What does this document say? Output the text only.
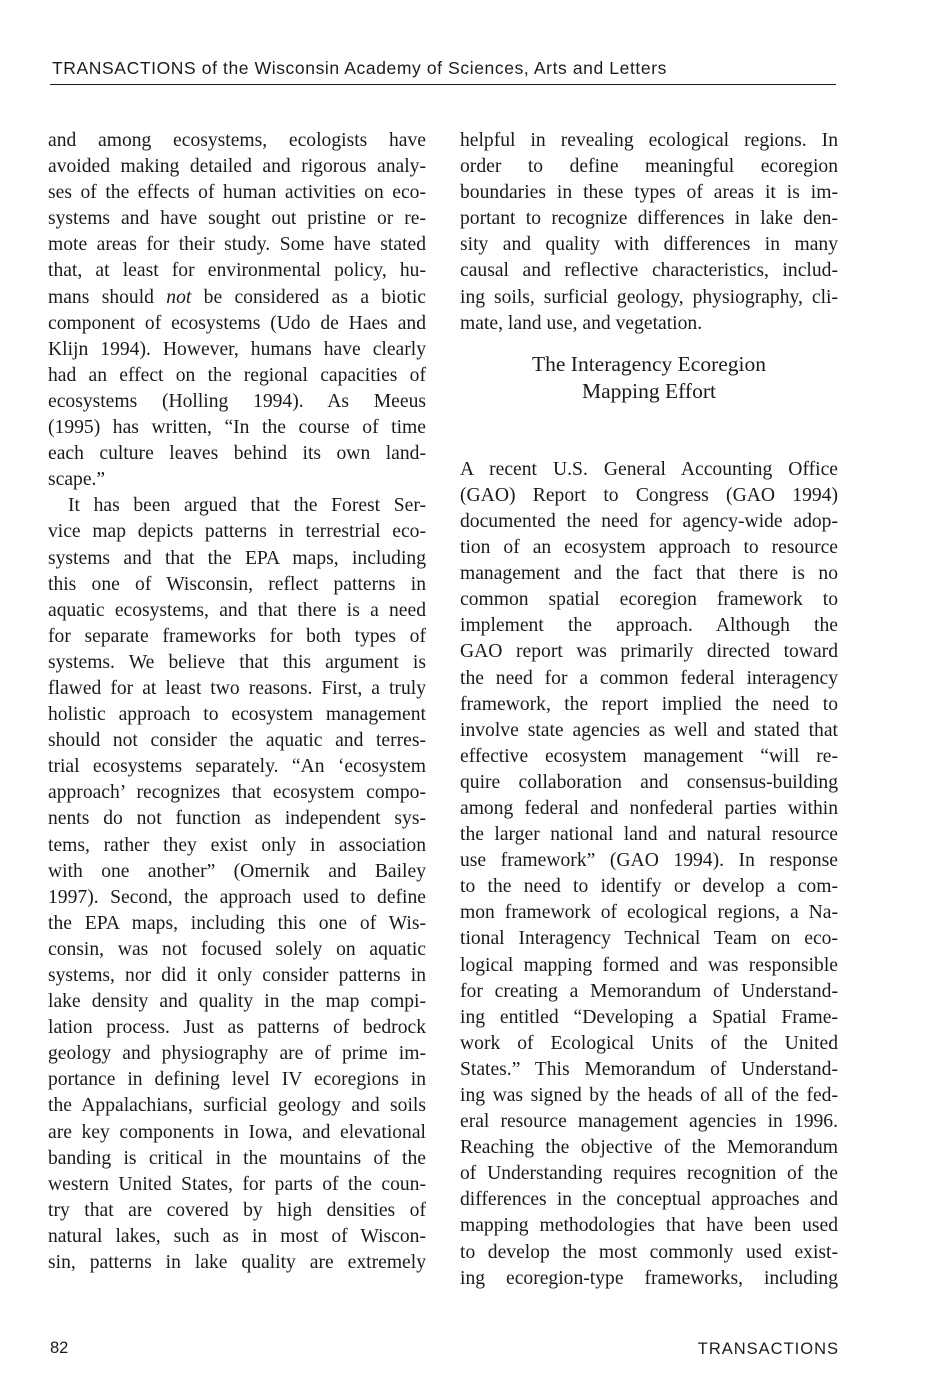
TRANSACTIONS of the Wisconsin Academy of Sciences, Arts and Letters
and among ecosystems, ecologists have
avoided making detailed and rigorous analy-
ses of the effects of human activities on eco-
systems and have sought out pristine or re-
mote areas for their study. Some have stated
that, at least for environmental policy, hu-
mans should not be considered as a biotic
component of ecosystems (Udo de Haes and
Klijn 1994). However, humans have clearly
had an effect on the regional capacities of
ecosystems (Holling 1994). As Meeus
(1995) has written, “In the course of time
each culture leaves behind its own land-
scape.”
It has been argued that the Forest Ser-
vice map depicts patterns in terrestrial eco-
systems and that the EPA maps, including
this one of Wisconsin, reflect patterns in
aquatic ecosystems, and that there is a need
for separate frameworks for both types of
systems. We believe that this argument is
flawed for at least two reasons. First, a truly
holistic approach to ecosystem management
should not consider the aquatic and terres-
trial ecosystems separately. “An ‘ecosystem
approach’ recognizes that ecosystem compo-
nents do not function as independent sys-
tems, rather they exist only in association
with one another” (Omernik and Bailey
1997). Second, the approach used to define
the EPA maps, including this one of Wis-
consin, was not focused solely on aquatic
systems, nor did it only consider patterns in
lake density and quality in the map compi-
lation process. Just as patterns of bedrock
geology and physiography are of prime im-
portance in defining level IV ecoregions in
the Appalachians, surficial geology and soils
are key components in Iowa, and elevational
banding is critical in the mountains of the
western United States, for parts of the coun-
try that are covered by high densities of
natural lakes, such as in most of Wiscon-
sin, patterns in lake quality are extremely
helpful in revealing ecological regions. In
order to define meaningful ecoregion
boundaries in these types of areas it is im-
portant to recognize differences in lake den-
sity and quality with differences in many
causal and reflective characteristics, includ-
ing soils, surficial geology, physiography, cli-
mate, land use, and vegetation.
The Interagency Ecoregion
Mapping Effort
A recent U.S. General Accounting Office
(GAO) Report to Congress (GAO 1994)
documented the need for agency-wide adop-
tion of an ecosystem approach to resource
management and the fact that there is no
common spatial ecoregion framework to
implement the approach. Although the
GAO report was primarily directed toward
the need for a common federal interagency
framework, the report implied the need to
involve state agencies as well and stated that
effective ecosystem management “will re-
quire collaboration and consensus-building
among federal and nonfederal parties within
the larger national land and natural resource
use framework” (GAO 1994). In response
to the need to identify or develop a com-
mon framework of ecological regions, a Na-
tional Interagency Technical Team on eco-
logical mapping formed and was responsible
for creating a Memorandum of Understand-
ing entitled “Developing a Spatial Frame-
work of Ecological Units of the United
States.” This Memorandum of Understand-
ing was signed by the heads of all of the fed-
eral resource management agencies in 1996.
Reaching the objective of the Memorandum
of Understanding requires recognition of the
differences in the conceptual approaches and
mapping methodologies that have been used
to develop the most commonly used exist-
ing ecoregion-type frameworks, including
82	TRANSACTIONS
